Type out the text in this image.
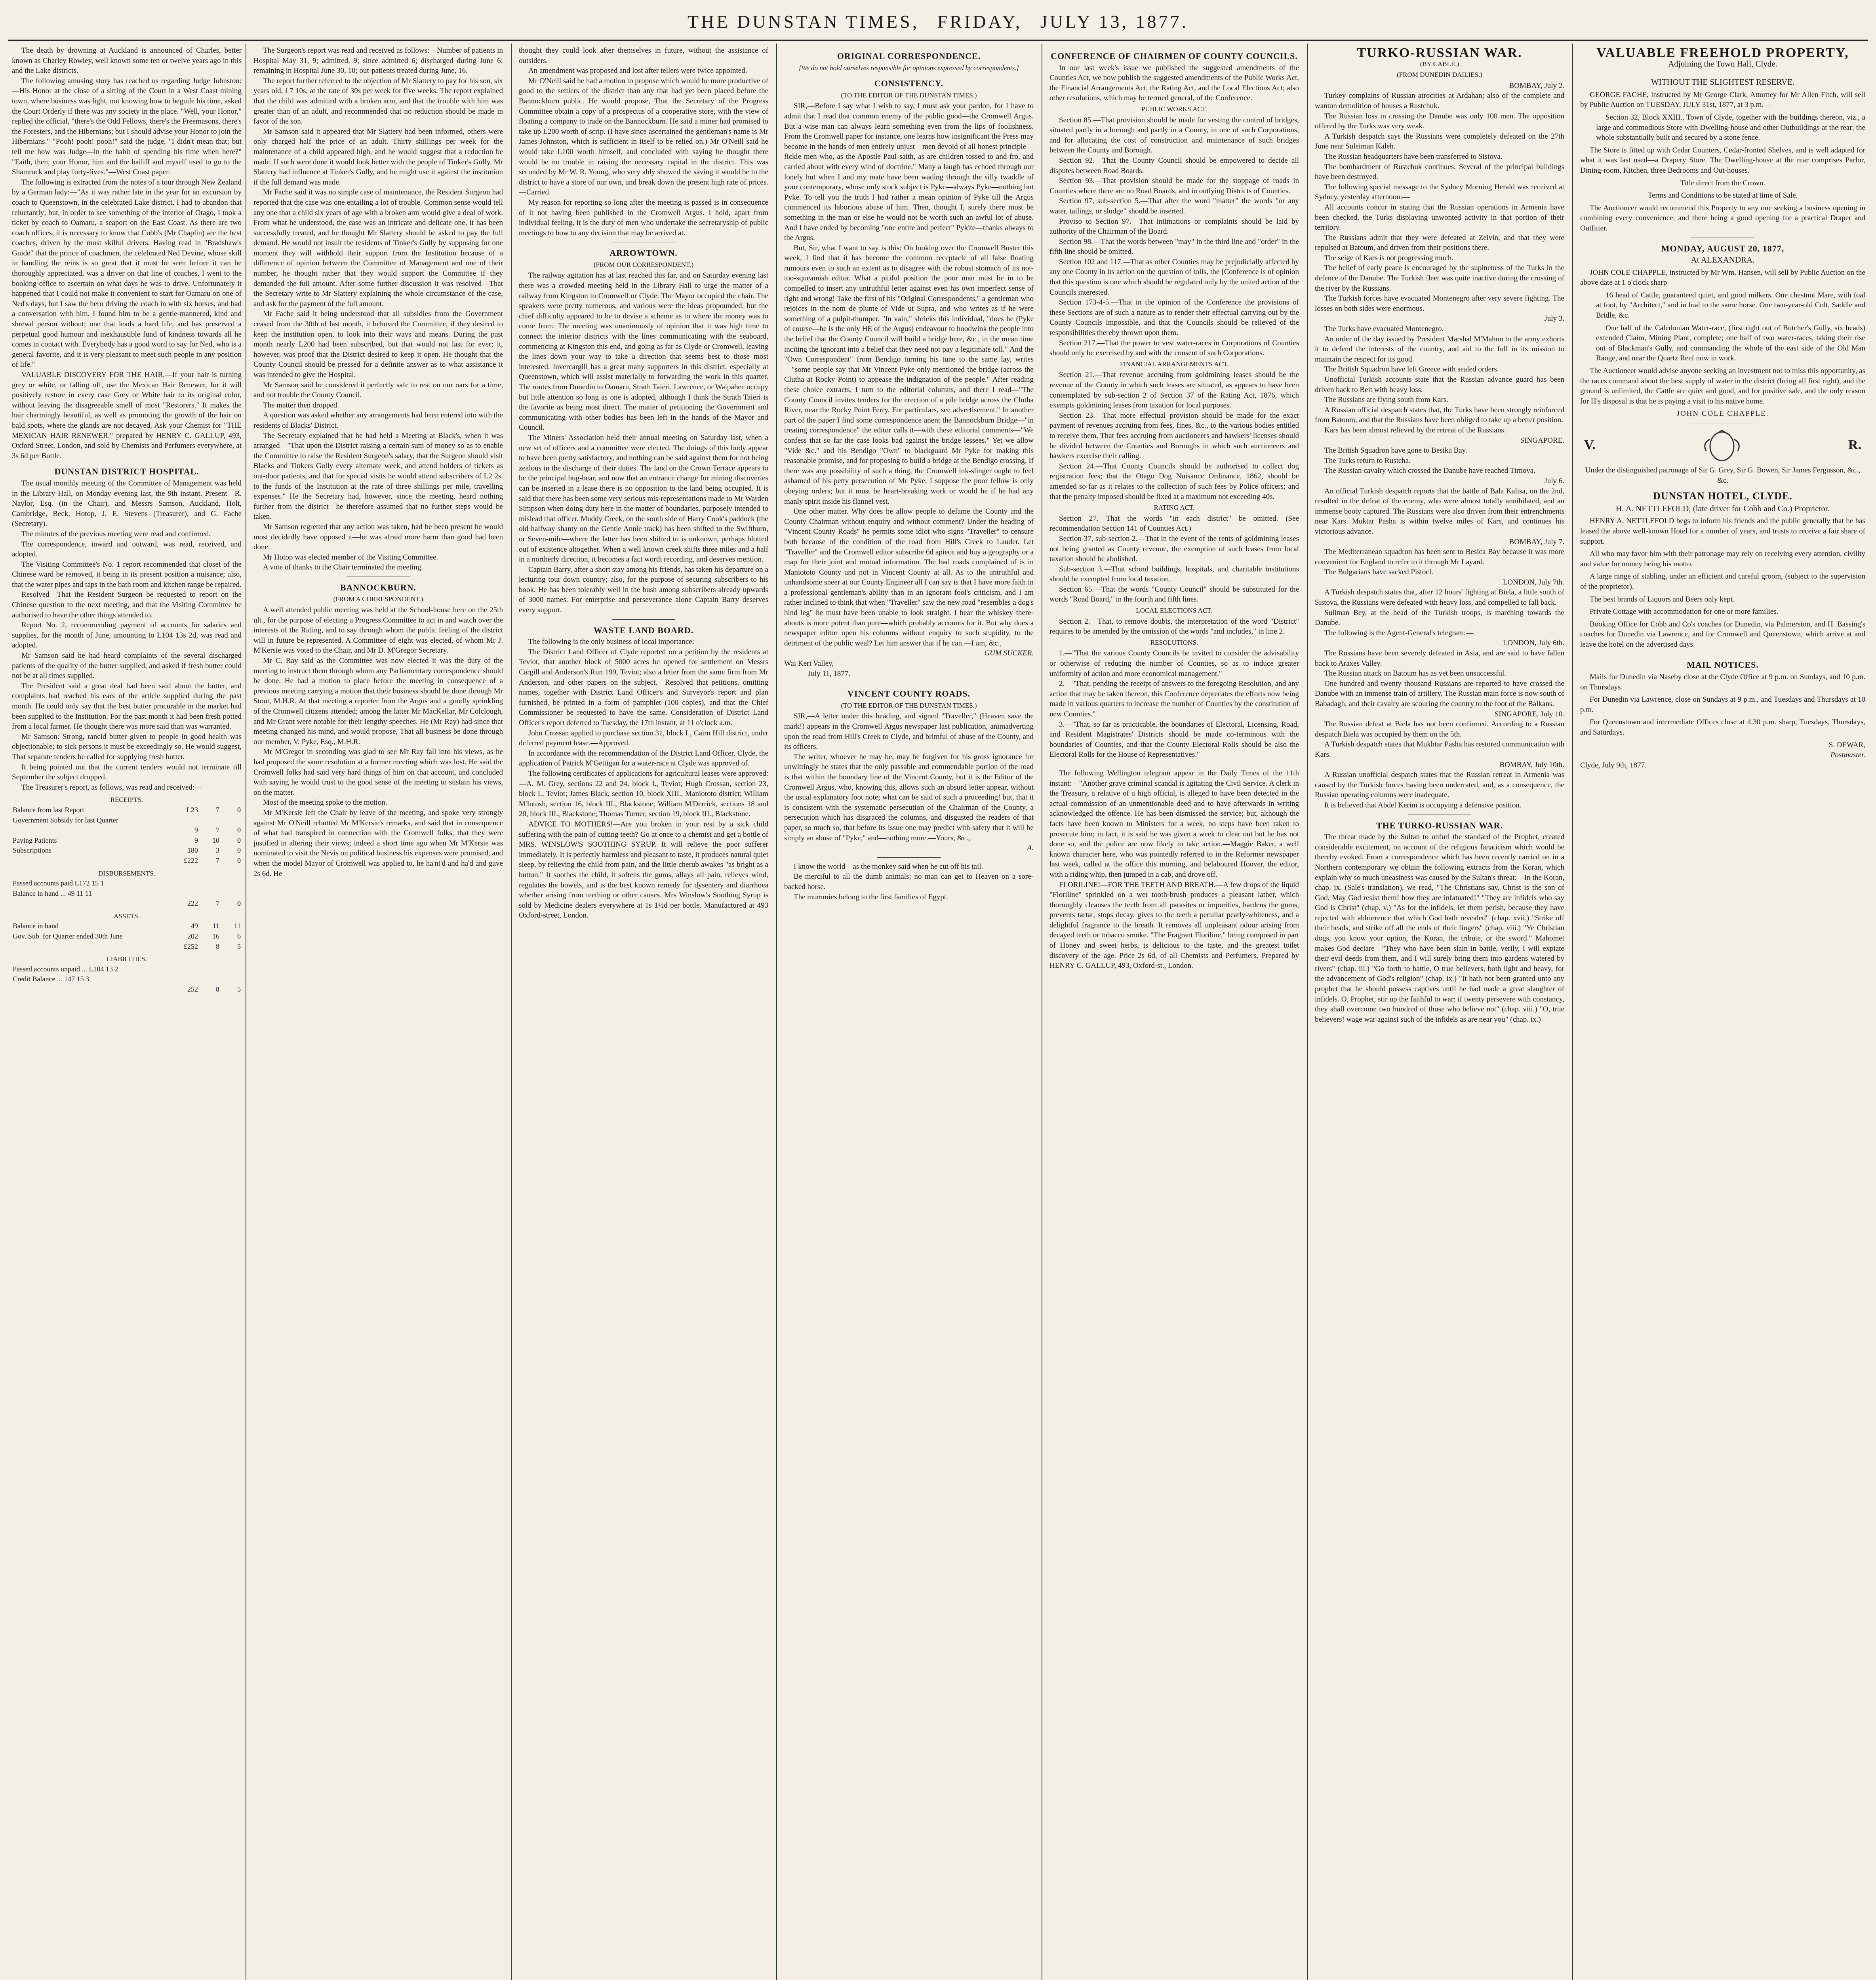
THE DUNSTAN TIMES, FRIDAY, JULY 13, 1877.

The death by drowning at Auckland is announced of Charles, better known as Charley Rowley, well known some ten or twelve years ago in this and the Lake districts.

The following amusing story has reached us regarding Judge Johnston:—His Honor at the close of a sitting of the Court in a West Coast mining town, where business was light, not knowing how to beguile his time, asked the Court Orderly if there was any society in the place. "Well, your Honor," replied the official, "there's the Odd Fellows, there's the Freemasons, there's the Foresters, and the Hibernians; but I should advise your Honor to join the Hibernians." "Pooh! pooh! pooh!" said the judge, "I didn't mean that; but tell me how was Judge—in the habit of spending his time when here?" "Faith, then, your Honor, him and the bailiff and myself used to go to the Shamrock and play forty-fives."—West Coast paper.

The following is extracted from the notes of a tour through New Zealand by a German lady:—"As it was rather late in the year for an excursion by coach to Queenstown, in the celebrated Lake district, I had to abandon that reluctantly; but, in order to see something of the interior of Otago, I took a ticket by coach to Oamaru, a seaport on the East Coast. As there are two coach offices, it is necessary to know that Cobb's (Mr Chaplin) are the best coaches, driven by the most skilful drivers. Having read in "Bradshaw's Guide" that the prince of coachmen, the celebrated Ned Devine, whose skill in handling the reins is so great that it must be seen before it can be thoroughly appreciated, was a driver on that line of coaches, I went to the booking-office to ascertain on what days he was to drive. Unfortunately it happened that I could not make it convenient to start for Oamaru on one of Ned's days, but I saw the hero driving the coach in with six horses, and had a conversation with him. I found him to be a gentle-mannered, kind and shrewd person without; one that leads a hard life, and has preserved a perpetual good humour and inexhaustible fund of kindness towards all he comes in contact with. Everybody has a good word to say for Ned, who is a general favorite, and it is very pleasant to meet such people in any position of life."

VALUABLE DISCOVERY FOR THE HAIR.—If your hair is turning grey or white, or falling off, use the Mexican Hair Renewer, for it will positively restore in every case Grey or White hair to its original color, without leaving the disagreeable smell of most "Restorers." It makes the hair charmingly beautiful, as well as promoting the growth of the hair on bald spots, where the glands are not decayed. Ask your Chemist for "THE MEXICAN HAIR RENEWER," prepared by HENRY C. GALLUP, 493, Oxford Street, London, and sold by Chemists and Perfumers everywhere, at 3s 6d per Bottle.

DUNSTAN DISTRICT HOSPITAL.

The usual monthly meeting of the Committee of Management was held in the Library Hall, on Monday evening last, the 9th instant. Present—R. Naylor, Esq. (in the Chair), and Messrs Samson, Auckland, Holt, Cambridge, Beck, Hotop, J. E. Stevens (Treasurer), and G. Fache (Secretary).

The minutes of the previous meeting were read and confirmed.

The correspondence, inward and outward, was read, received, and adopted.

The Visiting Committee's No. 1 report recommended that closet of the Chinese ward be removed, it being in its present position a nuisance; also, that the water pipes and taps in the bath room and kitchen range be repaired.

Resolved—That the Resident Surgeon be requested to report on the Chinese question to the next meeting, and that the Visiting Committee be authorised to have the other things attended to.

Report No. 2, recommending payment of accounts for salaries and supplies, for the month of June, amounting to L104 13s 2d, was read and adopted.

Mr Samson said he had heard complaints of the several discharged patients of the quality of the butter supplied, and asked if fresh butter could not be at all times supplied.

The President said a great deal had been said about the butter, and complaints had reached his ears of the article supplied during the past month. He could only say that the best butter procurable in the market had been supplied to the Institution. For the past month it had been fresh potted from a local farmer. He thought there was more said than was warranted.

Mr Samson: Strong, rancid butter given to people in good health was objectionable; to sick persons it must be exceedingly so. He would suggest, That separate tenders be called for supplying fresh butter.

It being pointed out that the current tenders would not terminate till September the subject dropped.

The Treasurer's report, as follows, was read and received:—

RECEIPTS.
Balance from last Report	L23	7	0
Government Subsidy for last Quarter			
	9	7	0
Paying Patients	9	10	0
Subscriptions	180	3	0
	£222	7	0
DISBURSEMENTS.
Passed accounts paid L172 15 1			
Balance in hand ... 49 11 11			
	222	7	0
ASSETS.
Balance in hand	49	11	11
Gov. Sub. for Quarter ended 30th June	202	16	6
	£252	8	5
LIABILITIES.
Passed accounts unpaid ... L104 13 2			
Credit Balance ... 147 15 3			
	252	8	5

The Surgeon's report was read and received as follows:—Number of patients in Hospital May 31, 9; admitted, 9; since admitted 6; discharged during June 6; remaining in Hospital June 30, 10; out-patients treated during June, 16.

The report further referred to the objection of Mr Slattery to pay for his son, six years old, L7 10s, at the rate of 30s per week for five weeks. The report explained that the child was admitted with a broken arm, and that the trouble with him was greater than of an adult, and recommended that no reduction should be made in favor of the son.

Mr Samson said it appeared that Mr Slattery had been informed, others were only charged half the price of an adult. Thirty shillings per week for the maintenance of a child appeared high, and he would suggest that a reduction be made. If such were done it would look better with the people of Tinker's Gully. Mr Slattery had influence at Tinker's Gully, and he might use it against the institution if the full demand was made.

Mr Fache said it was no simple case of maintenance, the Resident Surgeon had reported that the case was one entailing a lot of trouble. Common sense would tell any one that a child six years of age with a broken arm would give a deal of work. From what he understood, the case was an intricate and delicate one, it has been successfully treated, and he thought Mr Slattery should be asked to pay the full demand. He would not insult the residents of Tinker's Gully by supposing for one moment they will withhold their support from the Institution because of a difference of opinion between the Committee of Management and one of their number, he thought rather that they would support the Committee if they demanded the full amount. After some further discussion it was resolved—That the Secretary write to Mr Slattery explaining the whole circumstance of the case, and ask for the payment of the full amount.

Mr Fache said it being understood that all subsidies from the Government ceased from the 30th of last month, it behoved the Committee, if they desired to keep the institution open, to look into their ways and means. During the past month nearly L200 had been subscribed, but that would not last for ever; it, however, was proof that the District desired to keep it open. He thought that the County Council should be pressed for a definite answer as to what assistance it was intended to give the Hospital.

Mr Samson said he considered it perfectly safe to rest on our oars for a time, and not trouble the County Council.

The matter then dropped.

A question was asked whether any arrangements had been entered into with the residents of Blacks' District.

The Secretary explained that he had held a Meeting at Black's, when it was arranged—"That upon the District raising a certain sum of money so as to enable the Committee to raise the Resident Surgeon's salary, that the Surgeon should visit Blacks and Tinkers Gully every alternate week, and attend holders of tickets as out-door patients, and that for special visits he would attend subscribers of L2 2s. to the funds of the Institution at the rate of three shillings per mile, travelling expenses." He the Secretary had, however, since the meeting, heard nothing further from the district—he therefore assumed that no further steps would be taken.

Mr Samson regretted that any action was taken, had he been present he would most decidedly have opposed it—he was afraid more harm than good had been done.

Mr Hotop was elected member of the Visiting Committee.

A vote of thanks to the Chair terminated the meeting.

BANNOCKBURN.
(FROM A CORRESPONDENT.)

A well attended public meeting was held at the School-house here on the 25th ult., for the purpose of electing a Progress Committee to act in and watch over the interests of the Riding, and to say through whom the public feeling of the district will in future be represented. A Committee of eight was elected, of whom Mr J. M'Kersie was voted to the Chair, and Mr D. M'Gregor Secretary.

Mr C. Ray said as the Committee was now elected it was the duty of the meeting to instruct them through whom any Parliamentary correspondence should be done. He had a motion to place before the meeting in consequence of a previous meeting carrying a motion that their business should be done through Mr Stout, M.H.R. At that meeting a reporter from the Argus and a goodly sprinkling of the Cromwell citizens attended; among the latter Mr MacKellar, Mr Colclough, and Mr Grant were notable for their lengthy speeches. He (Mr Ray) had since that meeting changed his mind, and would propose, That all business be done through our member, V. Pyke, Esq., M.H.R.

Mr M'Gregor in seconding was glad to see Mr Ray fall into his views, as he had proposed the same resolution at a former meeting which was lost. He said the Cromwell folks had said very hard things of him on that account, and concluded with saying he would trust to the good sense of the meeting to sustain his views, on the matter.

Most of the meeting spoke to the motion.

Mr M'Kersie left the Chair by leave of the meeting, and spoke very strongly against Mr O'Neill rebutted Mr M'Kersie's remarks, and said that in consequence of what had transpired in connection with the Cromwell folks, that they were justified in altering their views; indeed a short time ago when Mr M'Kersie was nominated to visit the Nevis on political business his expenses were promised, and when the model Mayor of Cromwell was applied to, he ha'nt'd and ha'd and gave 2s 6d. He

thought they could look after themselves in future, without the assistance of outsiders.

An amendment was proposed and lost after tellers were twice appointed.

Mr O'Neill said he had a motion to propose which would be more productive of good to the settlers of the district than any that had yet been placed before the Bannockburn public. He would propose, That the Secretary of the Progress Committee obtain a copy of a prospectus of a cooperative store, with the view of floating a company to trade on the Bannockburn. He said a miner had promised to take up L200 worth of scrip. (I have since ascertained the gentleman's name is Mr James Johnston, which is sufficient in itself to be relied on.) Mr O'Neill said he would take L100 worth himself, and concluded with saying he thought there would be no trouble in raising the necessary capital in the district. This was seconded by Mr W. R. Young, who very ably showed the saving it would be to the district to have a store of our own, and break down the present high rate of prices.—Carried.

My reason for reporting so long after the meeting is passed is in consequence of it not having been published in the Cromwell Argus. I hold, apart from individual feeling, it is the duty of men who undertake the secretaryship of public meetings to bow to any decision that may be arrived at.

ARROWTOWN.
(FROM OUR CORRESPONDENT.)

The railway agitation has at last reached this far, and on Saturday evening last there was a crowded meeting held in the Library Hall to urge the matter of a railway from Kingston to Cromwell or Clyde. The Mayor occupied the chair. The speakers were pretty numerous, and various were the ideas propounded, but the chief difficulty appeared to be to devise a scheme as to where the money was to come from. The meeting was unanimously of opinion that it was high time to connect the interior districts with the lines communicating with the seaboard, commencing at Kingston this end, and going as far as Clyde or Cromwell, leaving the lines down your way to take a direction that seems best to those most interested. Invercargill has a great many supporters in this district, especially at Queenstown, which will assist materially to forwarding the work in this quarter. The routes from Dunedin to Oamaru, Strath Taieri, Lawrence, or Waipahee occupy but little attention so long as one is adopted, although I think the Strath Taieri is the favorite as being most direct. The matter of petitioning the Government and communicating with other bodies has been left in the hands of the Mayor and Council.

The Miners' Association held their annual meeting on Saturday last, when a new set of officers and a committee were elected. The doings of this body appear to have been pretty satisfactory, and nothing can be said against them for not being zealous in the discharge of their duties. The land on the Crown Terrace appears to be the principal bug-bear, and now that an entrance change for mining discoveries can be inserted in a lease there is no opposition to the land being occupied. It is said that there has been some very serious mis-representations made to Mr Warden Simpson when doing duty here in the matter of boundaries, purposely intended to mislead that officer. Muddy Creek, on the south side of Harry Cook's paddock (the old halfway shanty on the Gentle Annie track) has been shifted to the Swiftburn, or Seven-mile—where the latter has been shifted to is unknown, perhaps blotted out of existence altogether. When a well known creek shifts three miles and a half in a northerly direction, it becomes a fact worth recording, and deserves mention.

Captain Barry, after a short stay among his friends, has taken his departure on a lecturing tour down country; also, for the purpose of securing subscribers to his book. He has been tolerably well in the bush among subscribers already upwards of 3000 names. For enterprise and perseverance alone Captain Barry deserves every support.

WASTE LAND BOARD.

The following is the only business of local importance:—

The District Land Officer of Clyde reported on a petition by the residents at Teviot, that another block of 5000 acres be opened for settlement on Messrs Cargill and Anderson's Run 199, Teviot; also a letter from the same firm from Mr Anderson, and other papers on the subject.—Resolved that petitions, omitting names, together with District Land Officer's and Surveyor's report and plan furnished, be printed in a form of pamphlet (100 copies), and that the Chief Commissioner be requested to have the same. Consideration of District Land Officer's report deferred to Tuesday, the 17th instant, at 11 o'clock a.m.

John Crossan applied to purchase section 31, block I., Cairn Hill district, under deferred payment lease.—Approved.

In accordance with the recommendation of the District Land Officer, Clyde, the application of Patrick M'Gettigan for a water-race at Clyde was approved of.

The following certificates of applications for agricultural leases were approved:—A. M. Grey, sections 22 and 24, block I., Teviot; Hugh Crossan, section 23, block I., Teviot; James Black, section 10, block XIII., Maniototo district; William M'Intosh, section 16, block III., Blackstone; William M'Derrick, sections 18 and 20, block III., Blackstone; Thomas Turner, section 19, block III., Blackstone.

ADVICE TO MOTHERS!—Are you broken in your rest by a sick child suffering with the pain of cutting teeth? Go at once to a chemist and get a bottle of MRS. WINSLOW'S SOOTHING SYRUP. It will relieve the poor sufferer immediately. It is perfectly harmless and pleasant to taste, it produces natural quiet sleep, by relieving the child from pain, and the little cherub awakes "as bright as a button." It soothes the child, it softens the gums, allays all pain, relieves wind, regulates the bowels, and is the best known remedy for dysentery and diarrhoea whether arising from teething or other causes. Mrs Winslow's Soothing Syrup is sold by Medicine dealers everywhere at 1s 1½d per bottle. Manufactured at 493 Oxford-street, London.

ORIGINAL CORRESPONDENCE.
[We do not hold ourselves responsible for opinions expressed by correspondents.]
CONSISTENCY.
(TO THE EDITOR OF THE DUNSTAN TIMES.)

SIR,—Before I say what I wish to say, I must ask your pardon, for I have to admit that I read that common enemy of the public good—the Cromwell Argus. But a wise man can always learn something even from the lips of foolishness. From the Cromwell paper for instance, one learns how insignificant the Press may become in the hands of men entirely unjust—men devoid of all honest principle—fickle men who, as the Apostle Paul saith, as are children tossed to and fro, and carried about with every wind of doctrine." Many a laugh has echoed through our lonely hut when I and my mate have been wading through the silly twaddle of your contemporary, whose only stock subject is Pyke—always Pyke—nothing but Pyke. To tell you the truth I had rather a mean opinion of Pyke till the Argus commenced its laborious abuse of him. Then, thought I, surely there must be something in the man or else he would not be worth such an awful lot of abuse. And I have ended by becoming "one entire and perfect" Pykite—thanks always to the Argus.

But, Sir, what I want to say is this: On looking over the Cromwell Buster this week, I find that it has become the common receptacle of all false floating rumours even to such an extent as to disagree with the robust stomach of its not-too-squeamish editor. What a pitiful position the poor man must be in to be compelled to insert any untruthful letter against even his own imperfect sense of right and wrong! Take the first of his "Original Correspondents," a gentleman who rejoices in the nom de plume of Vide ut Supra, and who writes as if he were something of a pulpit-thumper. "In vain," shrieks this individual, "does he (Pyke of course—he is the only HE of the Argus) endeavour to hoodwink the people into the belief that the County Council will build a bridge here, &c., in the mean time inciting the ignorant into a belief that they need not pay a legitimate toll." And the "Own Correspondent" from Bendigo turning his tune to the same lay, writes—"some people say that Mr Vincent Pyke only mentioned the bridge (across the Clutha at Rocky Point) to appease the indignation of the people." After reading these choice extracts, I turn to the editorial columns, and there I read—"The County Council invites tenders for the erection of a pile bridge across the Clutha River, near the Rocky Point Ferry. For particulars, see advertisement." In another part of the paper I find some correspondence anent the Bannockburn Bridge—"in treating correspondence" the editor calls it—with these editorial comments—"We confess that so far the case looks bad against the bridge lessees." Yet we allow "Vide &c." and his Bendigo "Own" to blackguard Mr Pyke for making this reasonable promise, and for proposing to build a bridge at the Bendigo crossing. If there was any possibility of such a thing, the Cromwell ink-slinger ought to feel ashamed of his petty persecution of Mr Pyke. I suppose the poor fellow is only obeying orders; but it must be heart-breaking work or would he if he had any manly spirit inside his flannel vest.

One other matter. Why does he allow people to defame the County and the County Chairman without enquiry and without comment? Under the heading of "Vincent County Roads" he permits some idiot who signs "Traveller" to censure both because of the condition of the road from Hill's Creek to Lauder. Let "Traveller" and the Cromwell editor subscribe 6d apiece and buy a geography or a map for their joint and mutual information. The bad roads complained of is in Maniototo County and not in Vincent County at all. As to the untruthful and unhandsome sneer at our County Engineer all I can say is that I have more faith in a professional gentleman's ability than in an ignorant fool's criticism, and I am rather inclined to think that when "Traveller" saw the new road "resembles a dog's hind leg" he must have been unable to look straight. I hear the whiskey there-abouts is more potent than pure—which probably accounts for it. But why does a newspaper editor open his columns without enquiry to such stupidity, to the detriment of the public weal? Let him answer that if he can.—I am, &c.,

GUM SUCKER.

Wai Keri Valley,

July 11, 1877.

VINCENT COUNTY ROADS.
(TO THE EDITOR OF THE DUNSTAN TIMES.)

SIR,—A letter under this heading, and signed "Traveller," (Heaven save the mark!) appears in the Cromwell Argus newspaper last publication, animadverting upon the road from Hill's Creek to Clyde, and brimful of abuse of the County, and its officers.

The writer, whoever he may be, may be forgiven for his gross ignorance for unwittingly he states that the only passable and commendable portion of the road is that within the boundary line of the Vincent County, but it is the Editor of the Cromwell Argus, who, knowing this, allows such an absurd letter appear, without the usual explanatory foot note; what can be said of such a proceeding! but, that it is consistent with the systematic persecution of the Chairman of the County, a persecution which has disgraced the columns, and disgusted the readers of that paper, so much so, that before its issue one may predict with safety that it will be simply an abuse of "Pyke," and—nothing more.—Yours, &c.,

A.

I know the world—as the monkey said when he cut off his tail.

Be merciful to all the dumb animals; no man can get to Heaven on a sore-backed horse.

The mummies belong to the first families of Egypt.

CONFERENCE OF CHAIRMEN OF COUNTY COUNCILS.

In our last week's issue we published the suggested amendments of the Counties Act, we now publish the suggested amendments of the Public Works Act, the Financial Arrangements Act, the Rating Act, and the Local Elections Act; also other resolutions, which may be termed general, of the Conference.

PUBLIC WORKS ACT.

Section 85.—That provision should be made for vesting the control of bridges, situated partly in a borough and partly in a County, in one of such Corporations, and for allocating the cost of construction and maintenance of such bridges between the County and Borough.

Section 92.—That the County Council should be empowered to decide all disputes between Road Boards.

Section 93.—That provision should be made for the stoppage of roads in Counties where there are no Road Boards, and in outlying Districts of Counties.

Section 97, sub-section 5.—That after the word "matter" the words "or any water, tailings, or sludge" should be inserted.

Proviso to Section 97.—That intimations or complaints should be laid by authority of the Chairman of the Board.

Section 98.—That the words between "may" in the third line and "order" in the fifth line should be omitted.

Section 102 and 117.—That as other Counties may be prejudicially affected by any one County in its action on the question of tolls, the [Conference is of opinion that this question is one which should be regulated only by the united action of the Councils interested.

Section 173-4-5.—That in the opinion of the Conference the provisions of these Sections are of such a nature as to render their effectual carrying out by the County Councils impossible, and that the Councils should be relieved of the responsibilities thereby thrown upon them.

Section 217.—That the power to vest water-races in Corporations of Counties should only be exercised by and with the consent of such Corporations.

FINANCIAL ARRANGEMENTS ACT.

Section 21.—That revenue accruing from goldmining leases should be the revenue of the County in which such leases are situated, as appears to have been contemplated by sub-section 2 of Section 37 of the Rating Act, 1876, which exempts goldmining leases from taxation for local purposes.

Section 23.—That more effectual provision should be made for the exact payment of revenues accruing from fees, fines, &c., to the various bodies entitled to receive them. That fees accruing from auctioneers and hawkers' licenses should be divided between the Counties and Boroughs in which such auctioneers and hawkers exercise their calling.

Section 24.—That County Councils should be authorised to collect dog registration fees; that the Otago Dog Nuisance Ordinance, 1862, should be amended so far as it relates to the collection of such fees by Police officers; and that the penalty imposed should be fixed at a maximum not exceeding 40s.

RATING ACT.

Section 27.—That the words "in each district" be omitted. (See recommendation Section 141 of Counties Act.)

Section 37, sub-section 2.—That in the event of the rents of goldmining leases not being granted as County revenue, the exemption of such leases from local taxation should be abolished.

Sub-section 3.—That school buildings, hospitals, and charitable institutions should be exempted from local taxation.

Section 65.—That the words "County Council" should be substituted for the words "Road Board," in the fourth and fifth lines.

LOCAL ELECTIONS ACT.

Section 2.—That, to remove doubts, the interpretation of the word "District" requires to be amended by the omission of the words "and includes," in line 2.

RESOLUTIONS.

1.—"That the various County Councils be invited to consider the advisability or otherwise of reducing the number of Counties, so as to induce greater uniformity of action and more economical management."

2.—"That, pending the receipt of answers to the foregoing Resolution, and any action that may be taken thereon, this Conference deprecates the efforts now being made in various quarters to increase the number of Counties by the constitution of new Counties."

3.—"That, so far as practicable, the boundaries of Electoral, Licensing, Road, and Resident Magistrates' Districts should be made co-terminous with the boundaries of Counties, and that the County Electoral Rolls should be also the Electoral Rolls for the House of Representatives."

The following Wellington telegram appear in the Daily Times of the 11th instant:—"Another grave criminal scandal is agitating the Civil Service. A clerk in the Treasury, a relative of a high official, is alleged to have been detected in the actual commission of an unmentionable deed and to have afterwards in writing acknowledged the offence. He has been dismissed the service; but, although the facts have been known to Ministers for a week, no steps have been taken to prosecute him; in fact, it is said he was given a week to clear out but he has not done so, and the police are now likely to take action.—Maggie Baker, a well known character here, who was pointedly referred to in the Reformer newspaper last week, called at the office this morning, and belaboured Hoover, the editor, with a riding whip, then jumped in a cab, and drove off.

FLORILINE!—FOR THE TEETH AND BREATH.—A few drops of the liquid "Floriline" sprinkled on a wet tooth-brush produces a pleasant lather, which thoroughly cleanses the teeth from all parasites or impurities, hardens the gums, prevents tartar, stops decay, gives to the teeth a peculiar pearly-whiteness, and a delightful fragrance to the breath. It removes all unpleasant odour arising from decayed teeth or tobacco smoke. "The Fragrant Floriline," being composed in part of Honey and sweet herbs, is delicious to the taste, and the greatest toilet discovery of the age. Price 2s 6d, of all Chemists and Perfumers. Prepared by HENRY C. GALLUP, 493, Oxford-st., London.

TURKO-RUSSIAN WAR.
(BY CABLE.)
(FROM DUNEDIN DAILIES.)

BOMBAY, July 2.

Turkey complains of Russian atrocities at Ardahan; also of the complete and wanton demolition of houses a Rustchuk.

The Russian loss in crossing the Danube was only 100 men. The opposition offered by the Turks was very weak.

A Turkish despatch says the Russians were completely defeated on the 27th June near Suleiman Kaleh.

The Russian headquarters have been transferred to Sistova.

The bombardment of Rustchuk continues. Several of the principal buildings have been destroyed.

The following special message to the Sydney Morning Herald was received at Sydney, yesterday afternoon:—

All accounts concur in stating that the Russian operations in Armenia have been checked, the Turks displaying unwonted activity in that portion of their territory.

The Russians admit that they were defeated at Zeivin, and that they were repulsed at Batoum, and driven from their positions there.

The seige of Kars is not progressing much.

The belief of early peace is encouraged by the supineness of the Turks in the defence of the Danube. The Turkish fleet was quite inactive during the crossing of the river by the Russians.

The Turkish forces have evacuated Montenegro after very severe fighting. The losses on both sides were enormous.

July 3.

The Turks have evacuated Montenegro.

An order of the day issued by President Marshal M'Mahon to the army exhorts it to defend the interests of the country, and aid to the full in its mission to maintain the respect for its good.

The British Squadron have left Greece with sealed orders.

Unofficial Turkish accounts state that the Russian advance guard has been driven back to Beit with heavy loss.

The Russians are flying south from Kars.

A Russian official despatch states that, the Turks have been strongly reinforced from Batoum, and that the Russians have been obliged to take up a better position.

Kars has been almost relieved by the retreat of the Russians.

SINGAPORE.

The British Squadron have gone to Besika Bay.

The Turks return to Rustcha.

The Russian cavalry which crossed the Danube have reached Tirnova.

July 6.

An official Turkish despatch reports that the battle of Bala Kalisa, on the 2nd, resulted in the defeat of the enemy, who were almost totally annihilated, and an immense booty captured. The Russians were also driven from their entrenchments near Kars. Muktar Pasha is within twelve miles of Kars, and continues his victorious advance.

BOMBAY, July 7.

The Mediterranean squadron has been sent to Besica Bay because it was more convenient for England to refer to it through Mr Layard.

The Bulgarians have sacked Pistocl.

LONDON, July 7th.

A Turkish despatch states that, after 12 hours' fighting at Biela, a little south of Sistova, the Russians were defeated with heavy loss, and compelled to fall back.

Suliman Bey, at the head of the Turkish troops, is marching towards the Danube.

The following is the Agent-General's telegram:—

LONDON, July 6th.

The Russians have been severely defeated in Asia, and are said to have fallen back to Araxes Valley.

The Russian attack on Batoum has as yet been unsuccessful.

One hundred and twenty thousand Russians are reported to have crossed the Danube with an immense train of artillery. The Russian main force is now south of Babadagh, and their cavalry are scouring the country to the foot of the Balkans.

SINGAPORE, July 10.

The Russian defeat at Biela has not been confirmed. According to a Russian despatch Biela was occupied by them on the 5th.

A Turkish despatch states that Mukhtar Pasha has restored communication with Kars.

BOMBAY, July 10th.

A Russian unofficial despatch states that the Russian retreat in Armenia was caused by the Turkish forces having been underrated, and, as a consequence, the Russian operating columns were inadequate.

It is believed that Abdel Kerim is occupying a defensive position.

THE TURKO-RUSSIAN WAR.

The threat made by the Sultan to unfurl the standard of the Prophet, created considerable excitement, on account of the religious fanaticism which would be thereby evoked. From a correspondence which has been recently carried on in a Northern contemporary we obtain the following extracts from the Koran, which explain why so much uneasiness was caused by the Sultan's threat:—In the Koran, chap. ix. (Sale's translation), we read, "The Christians say, Christ is the son of God. May God resist them! how they are infatuated!" "They are infidels who say God is Christ" (chap. v.) "As for the infidels, let them perish, because they have rejected with abhorrence that which God hath revealed" (chap. xvii.) "Strike off their heads, and strike off all the ends of their fingers" (chap. viii.) "Ye Christian dogs, you know your option, the Koran, the tribute, or the sword." Mahomet makes God declare—"They who have been slain in battle, verily, I will expiate their evil deeds from them, and I will surely bring them into gardens watered by rivers" (chap. iii.) "Go forth to battle, O true believers, both light and heavy, for the advancement of God's religion" (chap. ix.) "It hath not been granted unto any prophet that he should possess captives until he had made a great slaughter of infidels. O, Prophet, stir up the faithful to war; if twenty persevere with constancy, they shall overcome two hundred of those who believe not" (chap. viii.) "O, true believers! wage war against such of the infidels as are near you" (chap. ix.)

VALUABLE FREEHOLD PROPERTY,
Adjoining the Town Hall, Clyde.
WITHOUT THE SLIGHTEST RESERVE.

GEORGE FACHE, instructed by Mr George Clark, Attorney for Mr Allen Fitch, will sell by Public Auction on TUESDAY, JULY 31st, 1877, at 3 p.m.—

Section 32, Block XXIII., Town of Clyde, together with the buildings thereon, viz., a large and commodious Store with Dwelling-house and other Outbuildings at the rear; the whole substantially built and secured by a stone fence.

The Store is fitted up with Cedar Counters, Cedar-fronted Shelves, and is well adapted for what it was last used—a Drapery Store. The Dwelling-house at the rear comprises Parlor, Dining-room, Kitchen, three Bedrooms and Out-houses.

Title direct from the Crown.

Terms and Conditions to be stated at time of Sale.

The Auctioneer would recommend this Property to any one seeking a business opening in combining every convenience, and there being a good opening for a practical Draper and Outfitter.

MONDAY, AUGUST 20, 1877,
At ALEXANDRA.

JOHN COLE CHAPPLE, instructed by Mr Wm. Hansen, will sell by Public Auction on the above date at 1 o'clock sharp—

16 head of Cattle, guaranteed quiet, and good milkers. One chestnut Mare, with foal at foot, by "Architect," and in foal to the same horse. One two-year-old Colt, Saddle and Bridle, &c.

One half of the Caledonian Water-race, (first right out of Butcher's Gully, six heads) extended Claim, Mining Plant, complete; one half of two water-races, taking their rise out of Blackman's Gully, and commanding the whole of the east side of the Old Man Range, and near the Quartz Reef now in work.

The Auctioneer would advise anyone seeking an investment not to miss this opportunity, as the races command about the best supply of water in the district (being all first right), and the ground is unlimited, the Cattle are quiet and good, and for positive sale, and the only reason for H's disposal is that he is paying a visit to his native home.

JOHN COLE CHAPPLE.

V.	R.

Under the distinguished patronage of Sir G. Grey, Sir G. Bowen, Sir James Fergusson, &c., &c.

DUNSTAN HOTEL, CLYDE.

H. A. NETTLEFOLD, (late driver for Cobb and Co.) Proprietor.

HENRY A. NETTLEFOLD begs to inform his friends and the public generally that he has leased the above well-known Hotel for a number of years, and trusts to receive a fair share of support.

All who may favor him with their patronage may rely on receiving every attention, civility and value for money being his motto.

A large range of stabling, under an efficient and careful groom, (subject to the supervision of the proprietor).

The best brands of Liquors and Beers only kept.

Private Cottage with accommodation for one or more families.

Booking Office for Cobb and Co's coaches for Dunedin, via Palmerston, and H. Bassing's coaches for Dunedin via Lawrence, and for Cromwell and Queenstown, which arrive at and leave the hotel on the advertised days.

MAIL NOTICES.

Mails for Dunedin via Naseby close at the Clyde Office at 9 p.m. on Sundays, and 10 p.m. on Thursdays.

For Dunedin via Lawrence, close on Sundays at 9 p.m., and Tuesdays and Thursdays at 10 p.m.

For Queenstown and intermediate Offices close at 4.30 p.m. sharp, Tuesdays, Thursdays, and Saturdays.

S. DEWAR,

Postmaster.

Clyde, July 9th, 1877.
